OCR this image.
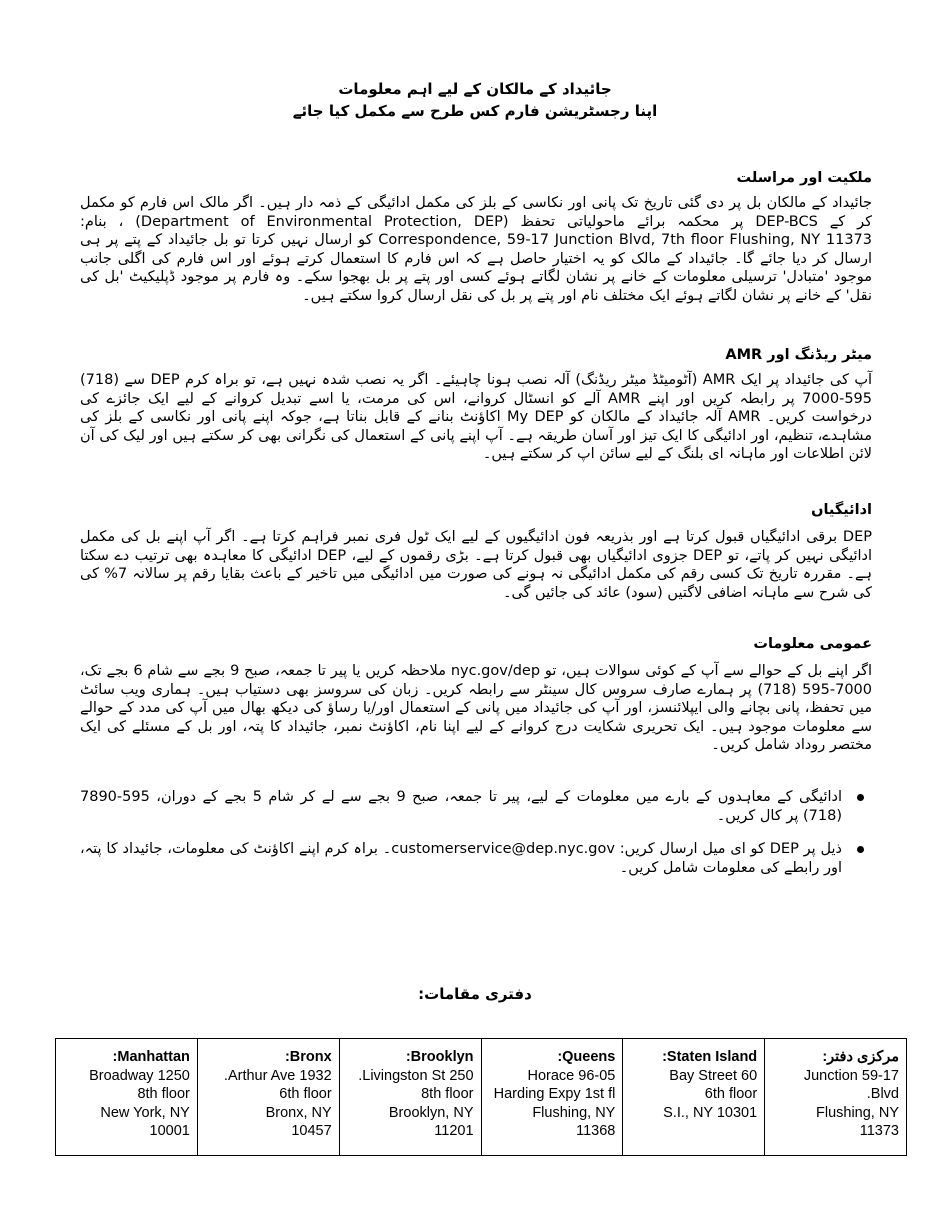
جائیداد کے مالکان کے لیے اہم معلومات
اپنا رجسٹریشن فارم کس طرح سے مکمل کیا جائے

ملکیت اور مراسلت

جائیداد کے مالکان بل پر دی گئی تاریخ تک پانی اور نکاسی کے بلز کی مکمل ادائیگی کے ذمہ دار ہیں۔ اگر مالک اس فارم کو مکمل کر کے DEP-BCS پر محکمہ برائے ماحولیاتی تحفظ (Department of Environmental Protection, DEP) ، بنام: Correspondence, 59-17 Junction Blvd, 7th floor Flushing, NY 11373 کو ارسال نہیں کرتا تو بل جائیداد کے پتے پر ہی ارسال کر دیا جائے گا۔ جائیداد کے مالک کو یہ اختیار حاصل ہے کہ اس فارم کا استعمال کرتے ہوئے اور اس فارم کی اگلی جانب موجود 'متبادل' ترسیلی معلومات کے خانے پر نشان لگاتے ہوئے کسی اور پتے پر بل بھجوا سکے۔ وہ فارم پر موجود ڈپلیکیٹ 'بل کی نقل' کے خانے پر نشان لگاتے ہوئے ایک مختلف نام اور پتے پر بل کی نقل ارسال کروا سکتے ہیں۔

میٹر ریڈنگ اور AMR

آپ کی جائیداد پر ایک AMR (آٹومیٹڈ میٹر ریڈنگ) آلہ نصب ہونا چاہیئے۔ اگر یہ نصب شدہ نہیں ہے، تو براہ کرم DEP سے (718) 595-7000 پر رابطہ کریں اور اپنے AMR آلے کو انسٹال کروانے، اس کی مرمت، یا اسے تبدیل کروانے کے لیے ایک جائزے کی درخواست کریں۔ AMR آلہ جائیداد کے مالکان کو My DEP اکاؤنٹ بنانے کے قابل بناتا ہے، جوکہ اپنے پانی اور نکاسی کے بلز کی مشاہدے، تنظیم، اور ادائیگی کا ایک تیز اور آسان طریقہ ہے۔ آپ اپنے پانی کے استعمال کی نگرانی بھی کر سکتے ہیں اور لیک کی آن لائن اطلاعات اور ماہانہ ای بلنگ کے لیے سائن اپ کر سکتے ہیں۔

ادائیگیاں

DEP برقی ادائیگیاں قبول کرتا ہے اور بذریعہ فون ادائیگیوں کے لیے ایک ٹول فری نمبر فراہم کرتا ہے۔ اگر آپ اپنے بل کی مکمل ادائیگی نہیں کر پاتے، تو DEP جزوی ادائیگیاں بھی قبول کرتا ہے۔ بڑی رقموں کے لیے، DEP ادائیگی کا معاہدہ بھی ترتیب دے سکتا ہے۔ مقررہ تاریخ تک کسی رقم کی مکمل ادائیگی نہ ہونے کی صورت میں ادائیگی میں تاخیر کے باعث بقایا رقم پر سالانہ 7% کی کی شرح سے ماہانہ اضافی لاگتیں (سود) عائد کی جائیں گی۔

عمومی معلومات

اگر اپنے بل کے حوالے سے آپ کے کوئی سوالات ہیں، تو nyc.gov/dep ملاحظہ کریں یا پیر تا جمعہ، صبح 9 بجے سے شام 6 بجے تک، 7000-595 (718) پر ہمارے صارف سروس کال سینٹر سے رابطہ کریں۔ زبان کی سروسز بھی دستیاب ہیں۔ ہماری ویب سائٹ میں تحفظ، پانی بچانے والی ایپلائنسز، اور آپ کی جائیداد میں پانی کے استعمال اور/یا رساؤ کی دیکھ بھال میں آپ کی مدد کے حوالے سے معلومات موجود ہیں۔ ایک تحریری شکایت درج کروانے کے لیے اپنا نام، اکاؤنٹ نمبر، جائیداد کا پتہ، اور بل کے مسئلے کی ایک مختصر روداد شامل کریں۔

ادائیگی کے معاہدوں کے بارے میں معلومات کے لیے، پیر تا جمعہ، صبح 9 بجے سے لے کر شام 5 بجے کے دوران، 595-7890 (718) پر کال کریں۔
ذیل پر DEP کو ای میل ارسال کریں: customerservice@dep.nyc.gov۔ براہ کرم اپنے اکاؤنٹ کی معلومات، جائیداد کا پتہ، اور رابطے کی معلومات شامل کریں۔
دفتری مقامات:
مرکزی دفتر:
59-17 Junction
Blvd.
Flushing, NY
11373

Staten Island:
60 Bay Street
6th floor
S.I., NY 10301

Queens:
96-05 Horace
Harding Expy 1st fl
Flushing, NY
11368

Brooklyn:
250 Livingston St.
8th floor
Brooklyn, NY
11201

Bronx:
1932 Arthur Ave.
6th floor
Bronx, NY
10457

Manhattan:
1250 Broadway
8th floor
New York, NY
10001
